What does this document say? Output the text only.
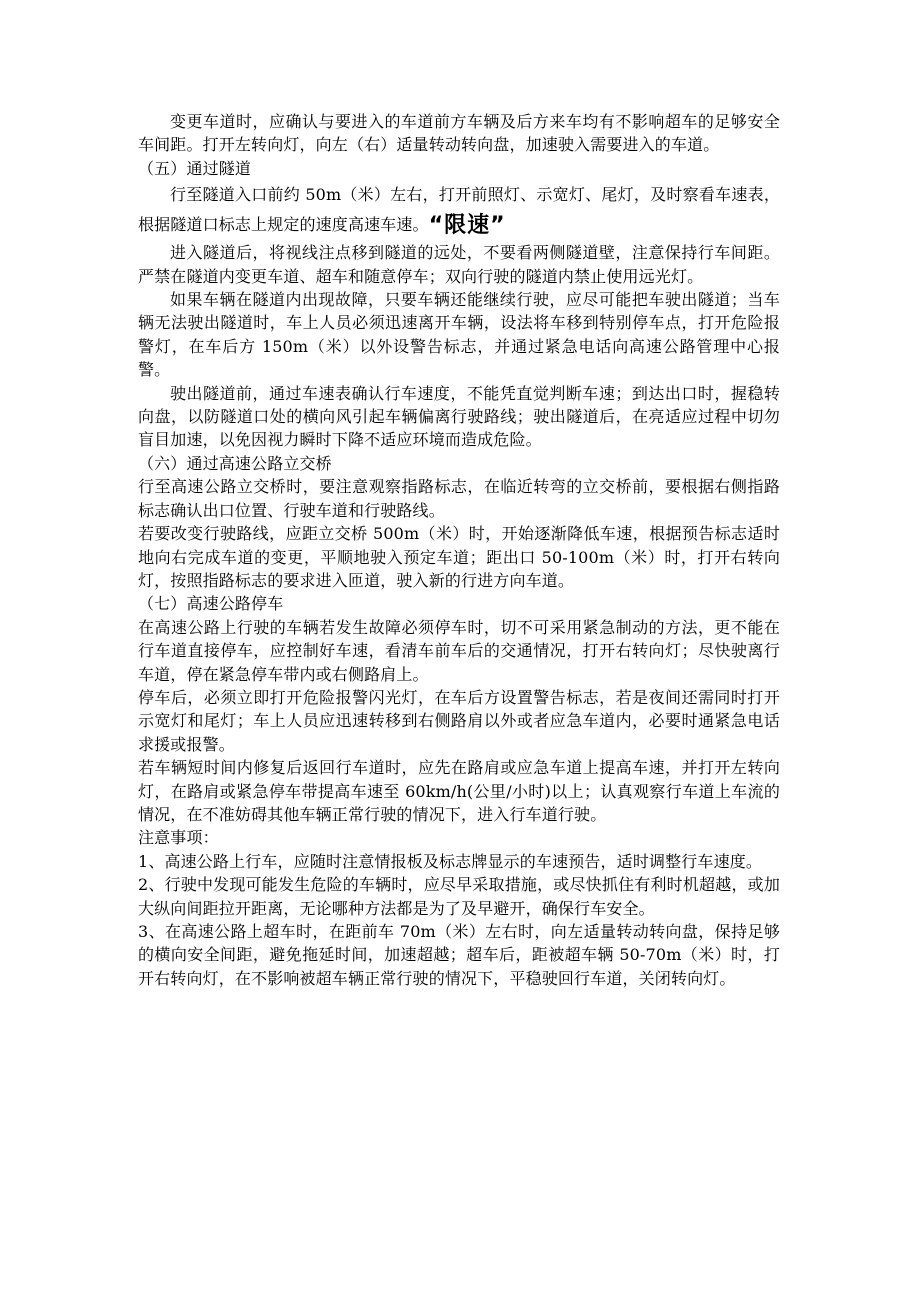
变更车道时，应确认与要进入的车道前方车辆及后方来车均有不影响超车的足够安全车间距。打开左转向灯，向左（右）适量转动转向盘，加速驶入需要进入的车道。

（五）通过隧道

行至隧道入口前约 50m（米）左右，打开前照灯、示宽灯、尾灯，及时察看车速表，根据隧道口标志上规定的速度高速车速。“限速”

进入隧道后，将视线注点移到隧道的远处，不要看两侧隧道壁，注意保持行车间距。严禁在隧道内变更车道、超车和随意停车；双向行驶的隧道内禁止使用远光灯。

如果车辆在隧道内出现故障，只要车辆还能继续行驶，应尽可能把车驶出隧道；当车辆无法驶出隧道时，车上人员必须迅速离开车辆，设法将车移到特别停车点，打开危险报警灯，在车后方 150m（米）以外设警告标志，并通过紧急电话向高速公路管理中心报警。

驶出隧道前，通过车速表确认行车速度，不能凭直觉判断车速；到达出口时，握稳转向盘，以防隧道口处的横向风引起车辆偏离行驶路线；驶出隧道后，在亮适应过程中切勿盲目加速，以免因视力瞬时下降不适应环境而造成危险。

（六）通过高速公路立交桥

行至高速公路立交桥时，要注意观察指路标志，在临近转弯的立交桥前，要根据右侧指路标志确认出口位置、行驶车道和行驶路线。

若要改变行驶路线，应距立交桥 500m（米）时，开始逐渐降低车速，根据预告标志适时地向右完成车道的变更，平顺地驶入预定车道；距出口 50-100m（米）时，打开右转向灯，按照指路标志的要求进入匝道，驶入新的行进方向车道。

（七）高速公路停车

在高速公路上行驶的车辆若发生故障必须停车时，切不可采用紧急制动的方法，更不能在行车道直接停车，应控制好车速，看清车前车后的交通情况，打开右转向灯；尽快驶离行车道，停在紧急停车带内或右侧路肩上。

停车后，必须立即打开危险报警闪光灯，在车后方设置警告标志，若是夜间还需同时打开示宽灯和尾灯；车上人员应迅速转移到右侧路肩以外或者应急车道内，必要时通紧急电话求援或报警。

若车辆短时间内修复后返回行车道时，应先在路肩或应急车道上提高车速，并打开左转向灯，在路肩或紧急停车带提高车速至 60km/h(公里/小时)以上；认真观察行车道上车流的情况，在不准妨碍其他车辆正常行驶的情况下，进入行车道行驶。

注意事项：

1、高速公路上行车，应随时注意情报板及标志牌显示的车速预告，适时调整行车速度。

2、行驶中发现可能发生危险的车辆时，应尽早采取措施，或尽快抓住有利时机超越，或加大纵向间距拉开距离，无论哪种方法都是为了及早避开，确保行车安全。

3、在高速公路上超车时，在距前车 70m（米）左右时，向左适量转动转向盘，保持足够的横向安全间距，避免拖延时间，加速超越；超车后，距被超车辆 50-70m（米）时，打开右转向灯，在不影响被超车辆正常行驶的情况下，平稳驶回行车道，关闭转向灯。
